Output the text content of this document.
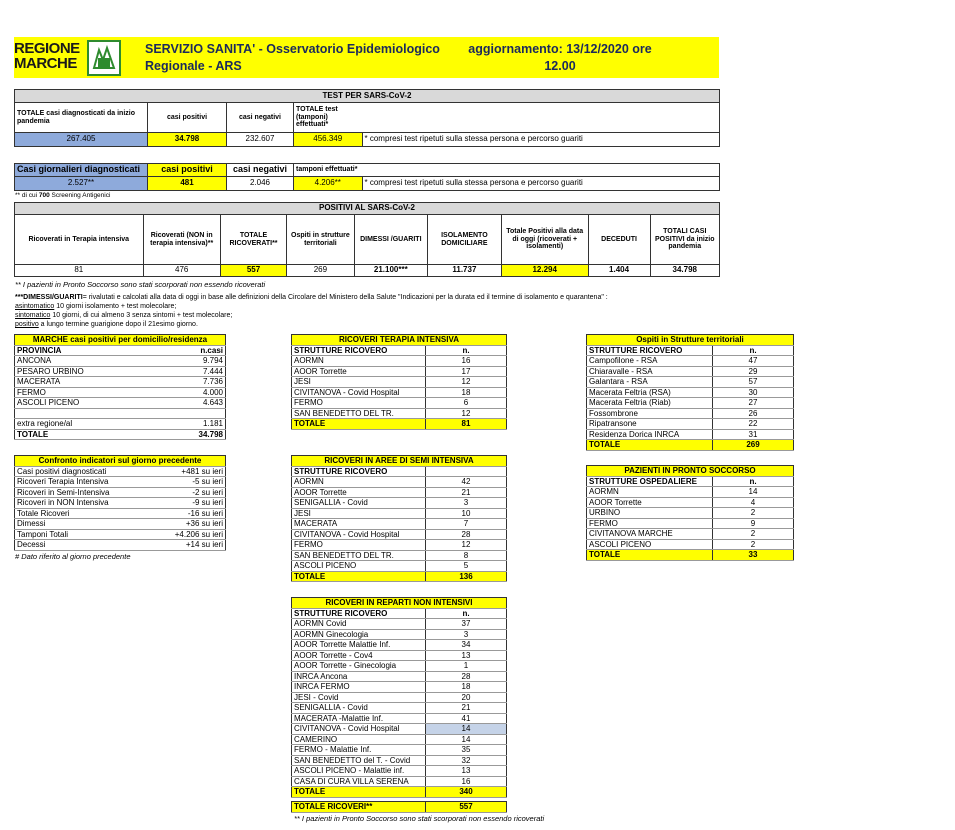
REGIONE
MARCHE
SERVIZIO SANITA' - Osservatorio Epidemiologico
Regionale - ARS
aggiornamento: 13/12/2020 ore
12.00
TEST PER SARS-CoV-2				
TOTALE casi diagnosticati da inizio pandemia	casi positivi	casi negativi	TOTALE test (tamponi) effettuati*	
267.405	34.798	232.607	456.349	* compresi test ripetuti sulla stessa persona e percorso guariti
Casi giornalieri diagnosticati	casi positivi	casi negativi	tamponi effettuati*	
2.527**	481	2.046	4.206**	* compresi test ripetuti sulla stessa persona e percorso guariti
** di cui 700 Screening Antigenici
POSITIVI AL SARS-CoV-2								
Ricoverati in Terapia intensiva	Ricoverati (NON in terapia intensiva)**	TOTALE RICOVERATI**	Ospiti in strutture territoriali	DIMESSI /GUARITI	ISOLAMENTO DOMICILIARE	Totale Positivi alla data di oggi (ricoverati + isolamenti)	DECEDUTI	TOTALI CASI POSITIVI da inizio pandemia
81	476	557	269	21.100***	11.737	12.294	1.404	34.798
** I pazienti in Pronto Soccorso sono stati scorporati non essendo ricoverati
***DIMESSI/GUARITI= rivalutati e calcolati alla data di oggi in base alle definizioni della Circolare del Ministero della Salute "Indicazioni per la durata ed il termine di isolamento e quarantena" :
asintomatico 10 giorni isolamento + test molecolare;
sintomatico 10 giorni, di cui almeno 3 senza sintomi + test molecolare;
positivo a lungo termine guarigione dopo il 21esimo giorno.
MARCHE casi positivi per domicilio/residenza	
PROVINCIA	n.casi
ANCONA	9.794
PESARO URBINO	7.444
MACERATA	7.736
FERMO	4.000
ASCOLI PICENO	4.643

extra regione/al	1.181
TOTALE	34.798
Confronto indicatori sul giorno precedente	
Casi positivi diagnosticati	+481 su ieri
Ricoveri Terapia Intensiva	-5 su ieri
Ricoveri in Semi-Intensiva	-2 su ieri
Ricoveri in NON Intensiva	-9 su ieri
Totale Ricoveri	-16 su ieri
Dimessi	+36 su ieri
Tamponi Totali	+4.206 su ieri
Decessi	+14 su ieri
# Dato riferito al giorno precedente
RICOVERI TERAPIA INTENSIVA	
STRUTTURE RICOVERO	n.
AORMN	16
AOOR Torrette	17
JESI	12
CIVITANOVA - Covid Hospital	18
FERMO	6
SAN BENEDETTO DEL TR.	12
TOTALE	81
RICOVERI IN AREE DI SEMI INTENSIVA	
STRUTTURE RICOVERO	
AORMN	42
AOOR Torrette	21
SENIGALLIA - Covid	3
JESI	10
MACERATA	7
CIVITANOVA - Covid Hospital	28
FERMO	12
SAN BENEDETTO DEL TR.	8
ASCOLI PICENO	5
TOTALE	136
RICOVERI IN REPARTI NON INTENSIVI	
STRUTTURE RICOVERO	n.
AORMN Covid	37
AORMN Ginecologia	3
AOOR Torrette Malattie Inf.	34
AOOR Torrette - Cov4	13
AOOR Torrette - Ginecologia	1
INRCA Ancona	28
INRCA FERMO	18
JESI - Covid	20
SENIGALLIA - Covid	21
MACERATA -Malattie Inf.	41
CIVITANOVA - Covid Hospital	14
CAMERINO	14
FERMO - Malattie Inf.	35
SAN BENEDETTO del T. - Covid	32
ASCOLI PICENO - Malattie inf.	13
CASA DI CURA VILLA SERENA	16
TOTALE	340
TOTALE RICOVERI**	557
** I pazienti in Pronto Soccorso sono stati scorporati non essendo ricoverati
Ospiti in Strutture territoriali	
STRUTTURE RICOVERO	n.
Campofilone - RSA	47
Chiaravalle - RSA	29
Galantara - RSA	57
Macerata Feltria (RSA)	30
Macerata Feltria (Riab)	27
Fossombrone	26
Ripatransone	22
Residenza Dorica INRCA	31
TOTALE	269
PAZIENTI IN PRONTO SOCCORSO	
STRUTTURE OSPEDALIERE	n.
AORMN	14
AOOR Torrette	4
URBINO	2
FERMO	9
CIVITANOVA MARCHE	2
ASCOLI PICENO	2
TOTALE	33
